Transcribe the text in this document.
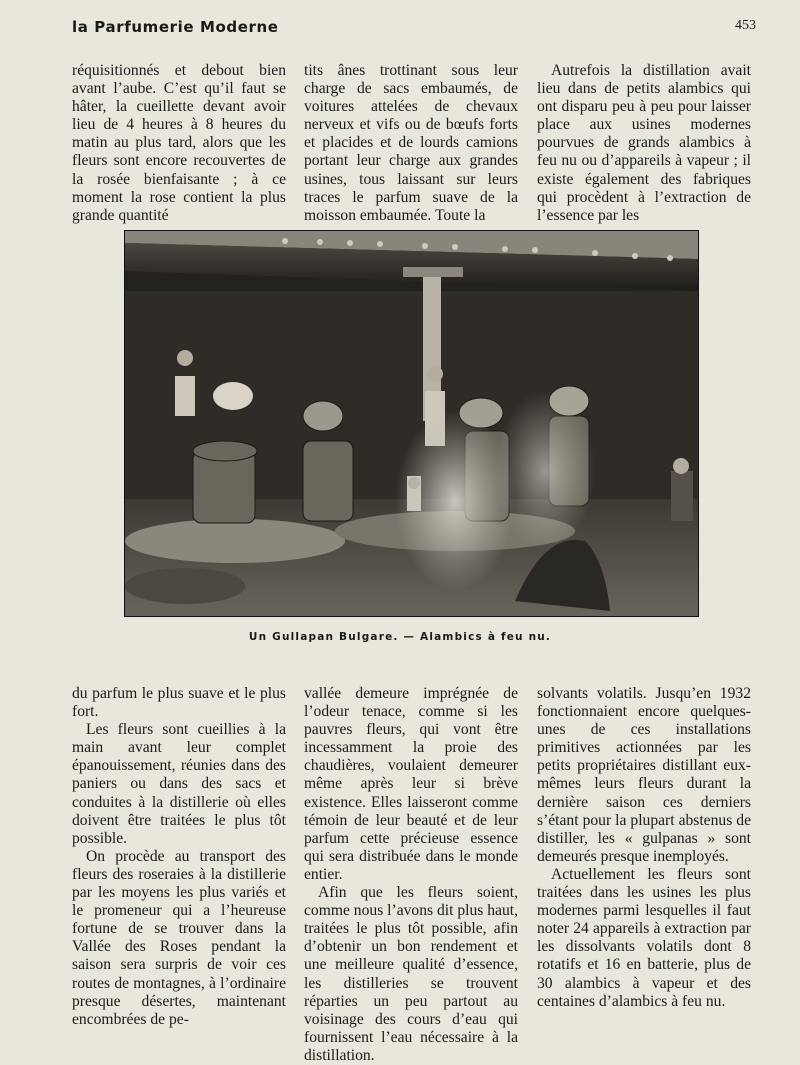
la Parfumerie Moderne	453

réquisitionnés et debout bien avant l’aube. C’est qu’il faut se hâter, la cueillette devant avoir lieu de 4 heures à 8 heures du matin au plus tard, alors que les fleurs sont encore recouvertes de la rosée bienfaisante ; à ce moment la rose contient la plus grande quantité

tits ânes trottinant sous leur charge de sacs embaumés, de voitures attelées de chevaux nerveux et vifs ou de bœufs forts et placides et de lourds camions portant leur charge aux grandes usines, tous laissant sur leurs traces le parfum suave de la moisson embaumée. Toute la

Autrefois la distillation avait lieu dans de petits alambics qui ont disparu peu à peu pour laisser place aux usines modernes pourvues de grands alambics à feu nu ou d’appareils à vapeur ; il existe également des fabriques qui procèdent à l’extraction de l’essence par les

Un Gullapan Bulgare. — Alambics à feu nu.

du parfum le plus suave et le plus fort.

Les fleurs sont cueillies à la main avant leur complet épanouissement, réunies dans des paniers ou dans des sacs et conduites à la distillerie où elles doivent être traitées le plus tôt possible.

On procède au transport des fleurs des roseraies à la distillerie par les moyens les plus variés et le promeneur qui a l’heureuse fortune de se trouver dans la Vallée des Roses pendant la saison sera surpris de voir ces routes de montagnes, à l’ordinaire presque désertes, maintenant encombrées de pe-

vallée demeure imprégnée de l’odeur tenace, comme si les pauvres fleurs, qui vont être incessamment la proie des chaudières, voulaient demeurer même après leur si brève existence. Elles laisseront comme témoin de leur beauté et de leur parfum cette précieuse essence qui sera distribuée dans le monde entier.

Afin que les fleurs soient, comme nous l’avons dit plus haut, traitées le plus tôt possible, afin d’obtenir un bon rendement et une meilleure qualité d’essence, les distilleries se trouvent réparties un peu partout au voisinage des cours d’eau qui fournissent l’eau nécessaire à la distillation.

solvants volatils. Jusqu’en 1932 fonctionnaient encore quelques-unes de ces installations primitives actionnées par les petits propriétaires distillant eux-mêmes leurs fleurs durant la dernière saison ces derniers s’étant pour la plupart abstenus de distiller, les « gulpanas » sont demeurés presque inemployés.

Actuellement les fleurs sont traitées dans les usines les plus modernes parmi lesquelles il faut noter 24 appareils à extraction par les dissolvants volatils dont 8 rotatifs et 16 en batterie, plus de 30 alambics à vapeur et des centaines d’alambics à feu nu.
